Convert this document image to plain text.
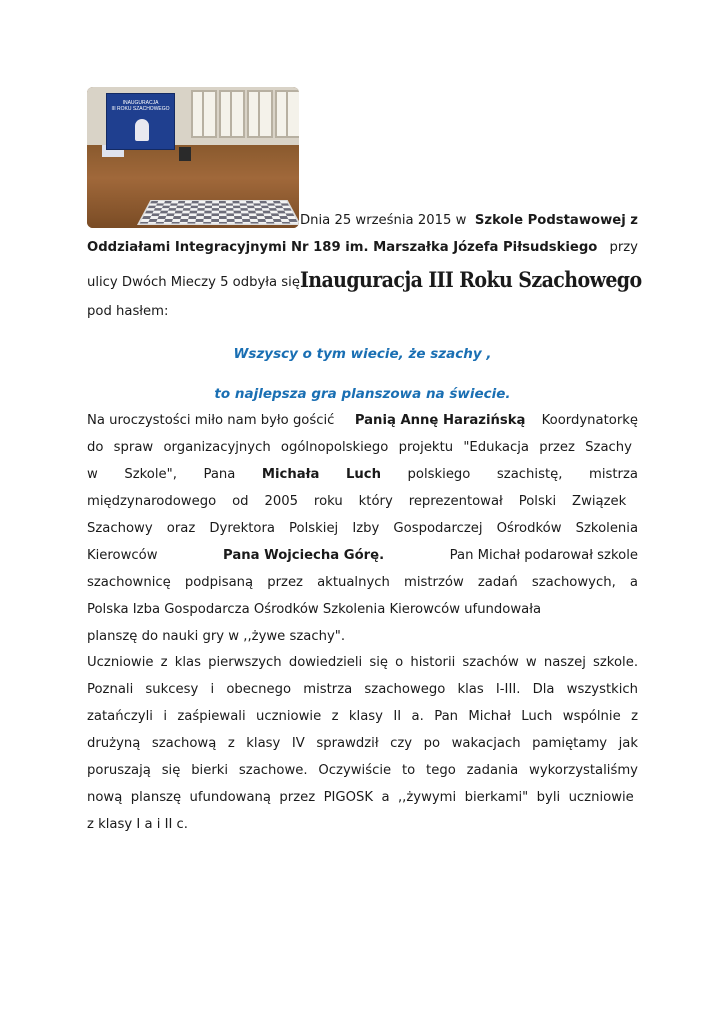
INAUGURACJA
III ROKU SZACHOWEGO
Dnia 25 września 2015 w Szkole Podstawowej z
Oddziałami Integracyjnymi Nr 189 im. Marszałka Józefa Piłsudskiego przy
ulicy Dwóch Mieczy 5 odbyła się Inauguracja III Roku Szachowego
pod hasłem:
Wszyscy o tym wiecie, że szachy ,
to najlepsza gra planszowa na świecie.
Na uroczystości miło nam było gościć Panią Annę Harazińską Koordynatorkę
do spraw organizacyjnych ogólnopolskiego projektu "Edukacja przez Szachy
w Szkole", Pana Michała Luch polskiego szachistę, mistrza
międzynarodowego od 2005 roku który reprezentował Polski Związek
Szachowy oraz Dyrektora Polskiej Izby Gospodarczej Ośrodków Szkolenia
Kierowców	Pana Wojciecha Górę.	Pan Michał podarował szkole
szachownicę podpisaną przez aktualnych mistrzów zadań szachowych, a
Polska Izba Gospodarcza Ośrodków Szkolenia Kierowców ufundowała
planszę do nauki gry w ,,żywe szachy".
Uczniowie z klas pierwszych dowiedzieli się o historii szachów w naszej szkole.
Poznali sukcesy i obecnego mistrza szachowego klas I-III. Dla wszystkich
zatańczyli i zaśpiewali uczniowie z klasy II a. Pan Michał Luch wspólnie z
drużyną szachową z klasy IV sprawdził czy po wakacjach pamiętamy jak
poruszają się bierki szachowe. Oczywiście to tego zadania wykorzystaliśmy
nową planszę ufundowaną przez PIGOSK a ,,żywymi bierkami" byli uczniowie
z klasy I a i II c.
